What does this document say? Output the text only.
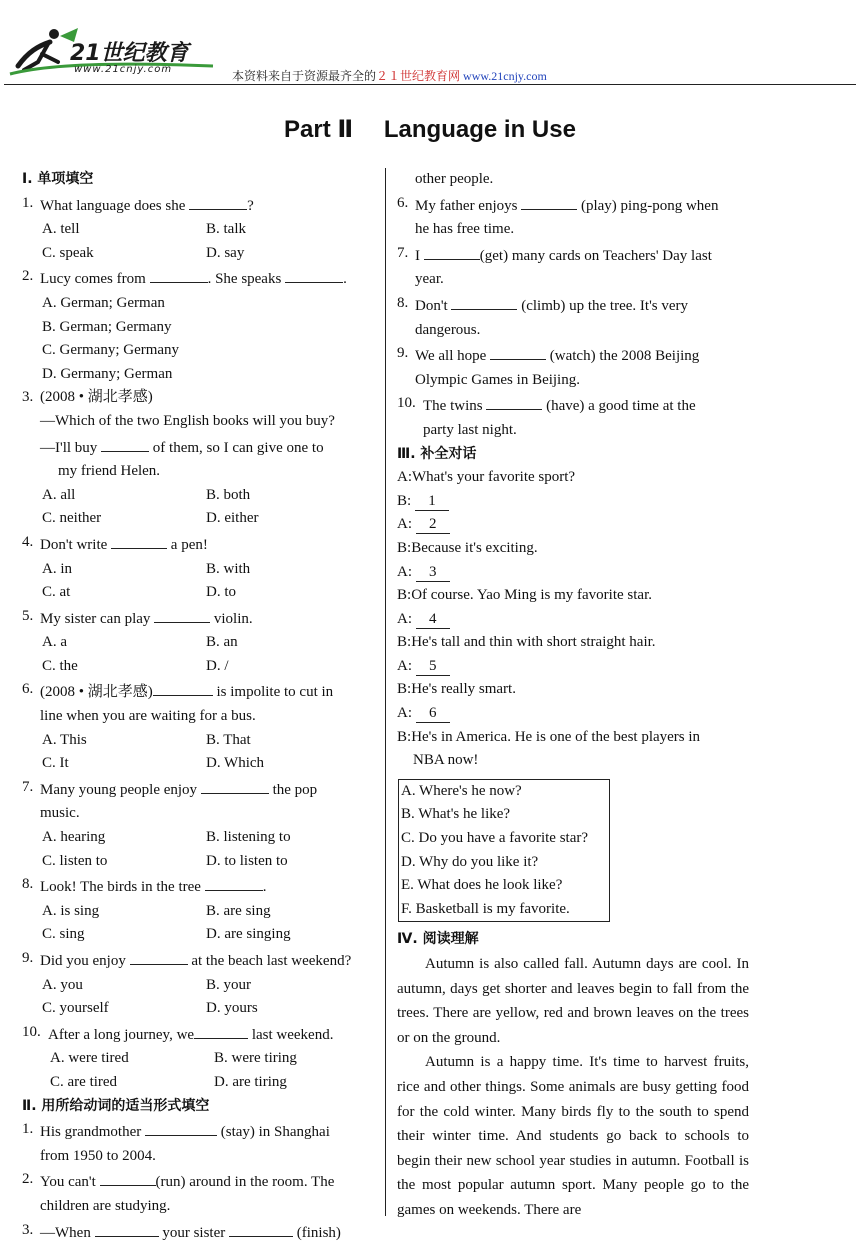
21世纪教育
www.21cnjy.com	本资料来自于资源最齐全的２１世纪教育网 www.21cnjy.com
Part Ⅱ Language in Use
Ⅰ. 单项填空
1. What language does she	?
A. tell	B. talk
C. speak	D. say
2. Lucy comes from	. She speaks	.
A. German; German
B. German; Germany
C. Germany; Germany
D. Germany; German
3. (2008 • 湖北孝感)
—Which of the two English books will you buy?
—I'll buy	of them, so I can give one to
my friend Helen.
A. all	B. both
C. neither	D. either
4. Don't write	a pen!
A. in	B. with
C. at	D. to
5. My sister can play	violin.
A. a	B. an
C. the	D. /
6. (2008 • 湖北孝感)	is impolite to cut in
line when you are waiting for a bus.
A. This	B. That
C. It	D. Which
7. Many young people enjoy	the pop
music.
A. hearing	B. listening to
C. listen to	D. to listen to
8. Look! The birds in the tree	.
A. is sing	B. are sing
C. sing	D. are singing
9. Did you enjoy	at the beach last weekend?
A. you	B. your
C. yourself	D. yours
10. After a long journey, we	last weekend.
A. were tired	B. were tiring
C. are tired	D. are tiring
Ⅱ. 用所给动词的适当形式填空
1. His grandmother	(stay) in Shanghai
from 1950 to 2004.
2. You can't	(run) around in the room. The
children are studying.
3. —When	your sister	(finish)
other people.
6. My father enjoys	(play) ping-pong when
he has free time.
7. I	(get) many cards on Teachers' Day last
year.
8. Don't	(climb) up the tree. It's very
dangerous.
9. We all hope	(watch) the 2008 Beijing
Olympic Games in Beijing.
10. The twins	(have) a good time at the
party last night.
Ⅲ. 补全对话
A:What's your favorite sport?
B: 1
A: 2
B:Because it's exciting.
A: 3
B:Of course. Yao Ming is my favorite star.
A: 4
B:He's tall and thin with short straight hair.
A: 5
B:He's really smart.
A: 6
B:He's in America. He is one of the best players in
NBA now!
A. Where's he now?
B. What's he like?
C. Do you have a favorite star?
D. Why do you like it?
E. What does he look like?
F. Basketball is my favorite.
Ⅳ. 阅读理解
Autumn is also called fall. Autumn days are cool. In autumn, days get shorter and leaves begin to fall from the trees. There are yellow, red and brown leaves on the trees or on the ground.
Autumn is a happy time. It's time to harvest fruits, rice and other things. Some animals are busy getting food for the cold winter. Many birds fly to the south to spend their winter time. And students go back to schools to begin their new school year studies in autumn. Football is the most popular autumn sport. Many people go to the games on weekends. There are
